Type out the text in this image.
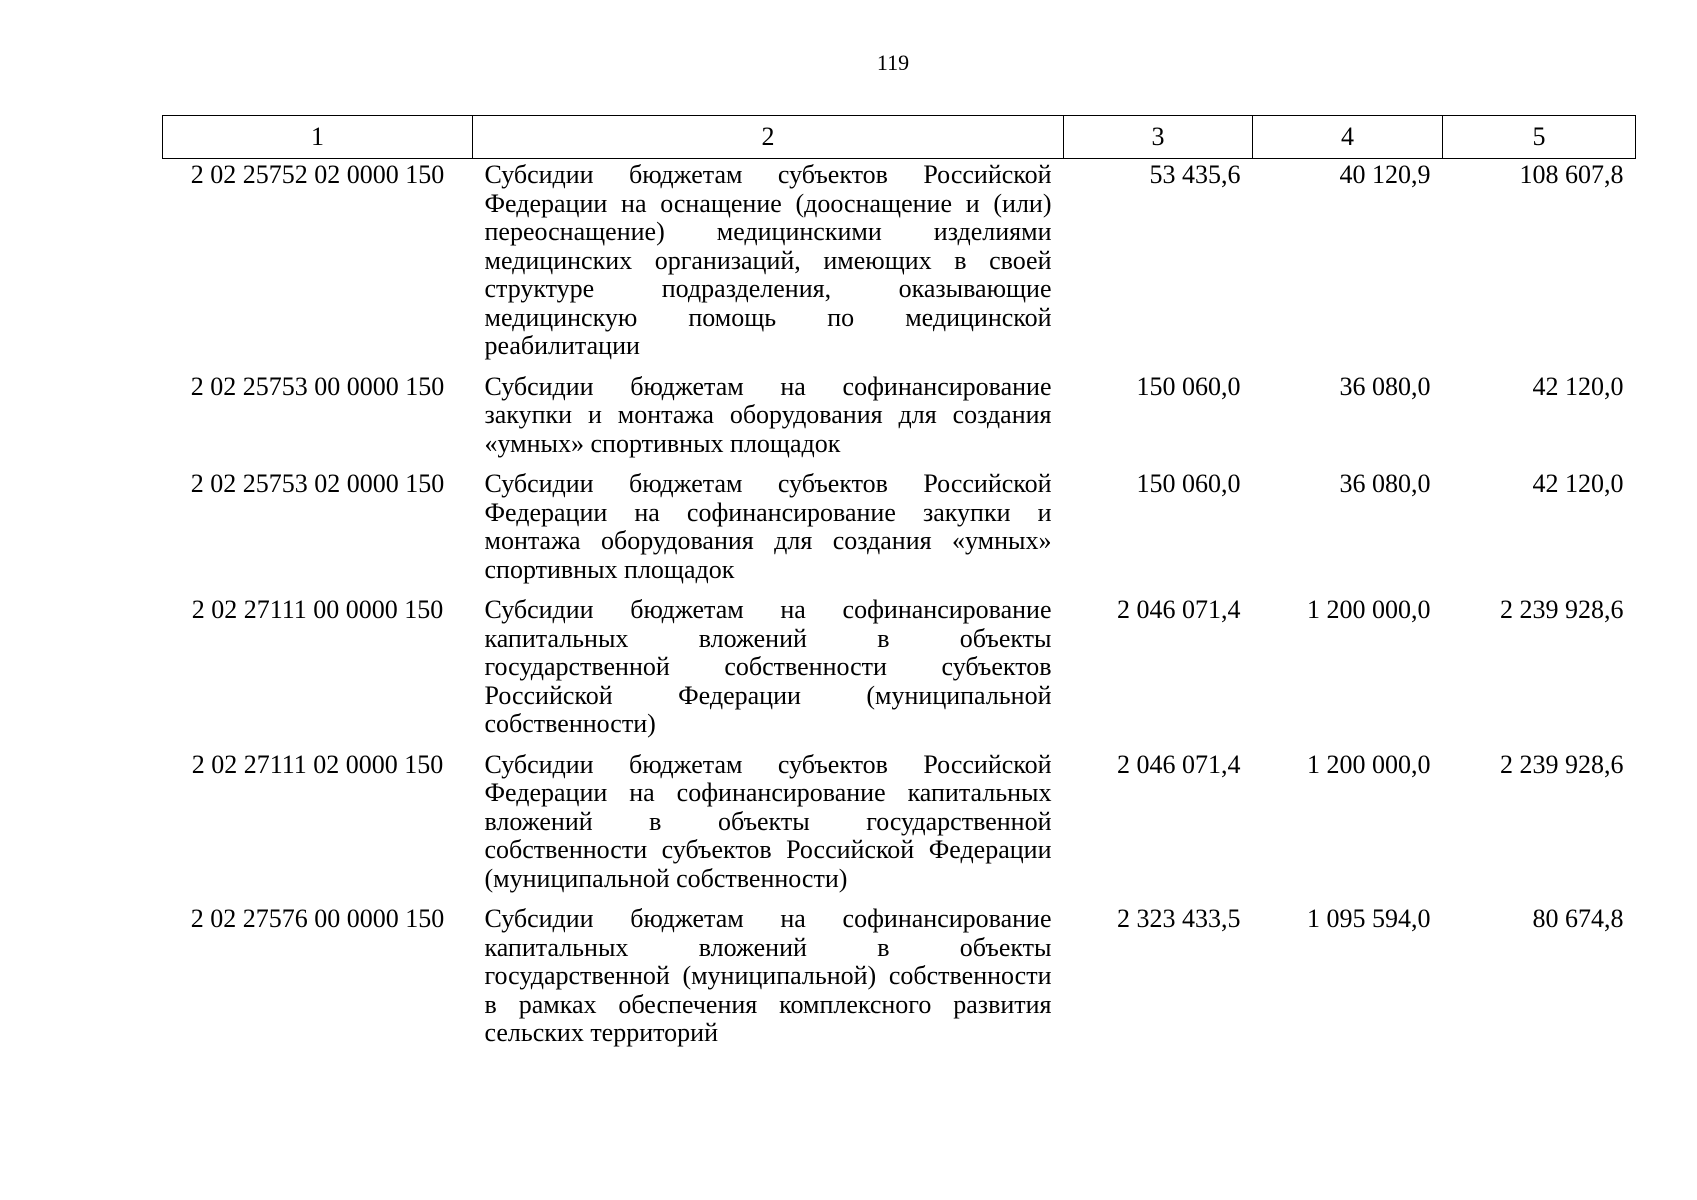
119
1	2	3	4	5
2 02 25752 02 0000 150	Субсидии бюджетам субъектов Российской Федерации на оснащение (дооснащение и (или) переоснащение) медицинскими изделиями медицинских организаций, имеющих в своей структуре подразделения, оказывающие медицинскую помощь по медицинской реабилитации	53 435,6	40 120,9	108 607,8
2 02 25753 00 0000 150	Субсидии бюджетам на софинансирование закупки и монтажа оборудования для создания «умных» спортивных площадок	150 060,0	36 080,0	42 120,0
2 02 25753 02 0000 150	Субсидии бюджетам субъектов Российской Федерации на софинансирование закупки и монтажа оборудования для создания «умных» спортивных площадок	150 060,0	36 080,0	42 120,0
2 02 27111 00 0000 150	Субсидии бюджетам на софинансирование капитальных вложений в объекты государственной собственности субъектов Российской Федерации (муниципальной собственности)	2 046 071,4	1 200 000,0	2 239 928,6
2 02 27111 02 0000 150	Субсидии бюджетам субъектов Российской Федерации на софинансирование капитальных вложений в объекты государственной собственности субъектов Российской Федерации (муниципальной собственности)	2 046 071,4	1 200 000,0	2 239 928,6
2 02 27576 00 0000 150	Субсидии бюджетам на софинансирование капитальных вложений в объекты государственной (муниципальной) собственности в рамках обеспечения комплексного развития сельских территорий	2 323 433,5	1 095 594,0	80 674,8
